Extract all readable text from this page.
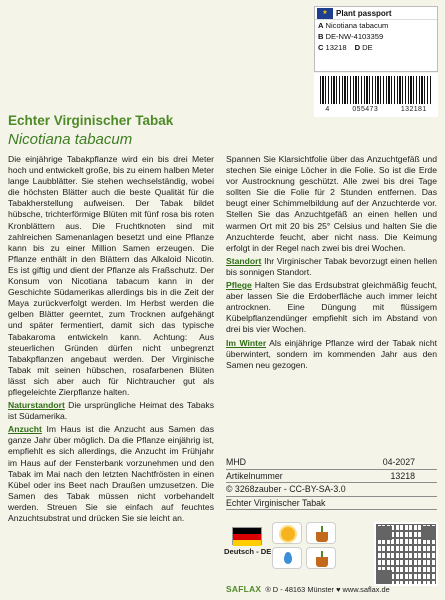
★	Plant passport
A Nicotiana tabacum
B DE-NW-4103359
C 13218 D DE
4	055473	132181
Echter Virginischer Tabak
Nicotiana tabacum

Die einjährige Tabakpflanze wird ein bis drei Meter hoch und entwickelt große, bis zu einem halben Meter lange Laubblätter. Sie stehen wechselständig, wobei die höchsten Blätter auch die beste Qualität für die Tabakherstellung aufweisen. Der Tabak bildet hübsche, trichterförmige Blüten mit fünf rosa bis roten Kronblättern aus. Die Fruchtknoten sind mit zahlreichen Samenanlagen besetzt und eine Pflanze kann bis zu einer Million Samen erzeugen. Die Pflanze enthält in den Blättern das Alkaloid Nicotin. Es ist giftig und dient der Pflanze als Fraßschutz. Der Konsum von Nicotiana tabacum kann in der Geschichte Südamerikas allerdings bis in die Zeit der Maya zurückverfolgt werden. Im Herbst werden die gelben Blätter geerntet, zum Trocknen aufgehängt und später fermentiert, damit sich das typische Tabakaroma entwickeln kann. Achtung: Aus steuerlichen Gründen dürfen nicht unbegrenzt Tabakpflanzen angebaut werden. Der Virginische Tabak mit seinen hübschen, rosafarbenen Blüten lässt sich aber auch für Nichtraucher gut als pflegeleichte Zierpflanze halten.

Naturstandort Die ursprüngliche Heimat des Tabaks ist Südamerika.

Anzucht Im Haus ist die Anzucht aus Samen das ganze Jahr über möglich. Da die Pflanze einjährig ist, empfiehlt es sich allerdings, die Anzucht im Frühjahr im Haus auf der Fensterbank vorzunehmen und den Tabak im Mai nach den letzten Nachtfrösten in einen Kübel oder ins Beet nach Draußen umzusetzen. Die Samen des Tabak müssen nicht vorbehandelt werden. Streuen Sie sie einfach auf feuchtes Anzuchtsubstrat und drücken Sie sie leicht an.

Spannen Sie Klarsichtfolie über das Anzuchtgefäß und stechen Sie einige Löcher in die Folie. So ist die Erde vor Austrocknung geschützt. Alle zwei bis drei Tage sollten Sie die Folie für 2 Stunden entfernen. Das beugt einer Schimmelbildung auf der Anzuchterde vor. Stellen Sie das Anzuchtgefäß an einen hellen und warmen Ort mit 20 bis 25° Celsius und halten Sie die Anzuchterde feucht, aber nicht nass. Die Keimung erfolgt in der Regel nach zwei bis drei Wochen.

Standort Ihr Virginischer Tabak bevorzugt einen hellen bis sonnigen Standort.

Pflege Halten Sie das Erdsubstrat gleichmäßig feucht, aber lassen Sie die Erdoberfläche auch immer leicht antrocknen. Eine Düngung mit flüssigem Kübelpflanzendünger empfiehlt sich im Abstand von drei bis vier Wochen.

Im Winter Als einjährige Pflanze wird der Tabak nicht überwintert, sondern im kommenden Jahr aus den Samen neu gezogen.

MHD	04-2027
Artikelnummer	13218
© 3268zauber - CC-BY-SA-3.0
Echter Virginischer Tabak
Deutsch - DE
SAFLAX ® D - 48163 Münster ♥ www.saflax.de
